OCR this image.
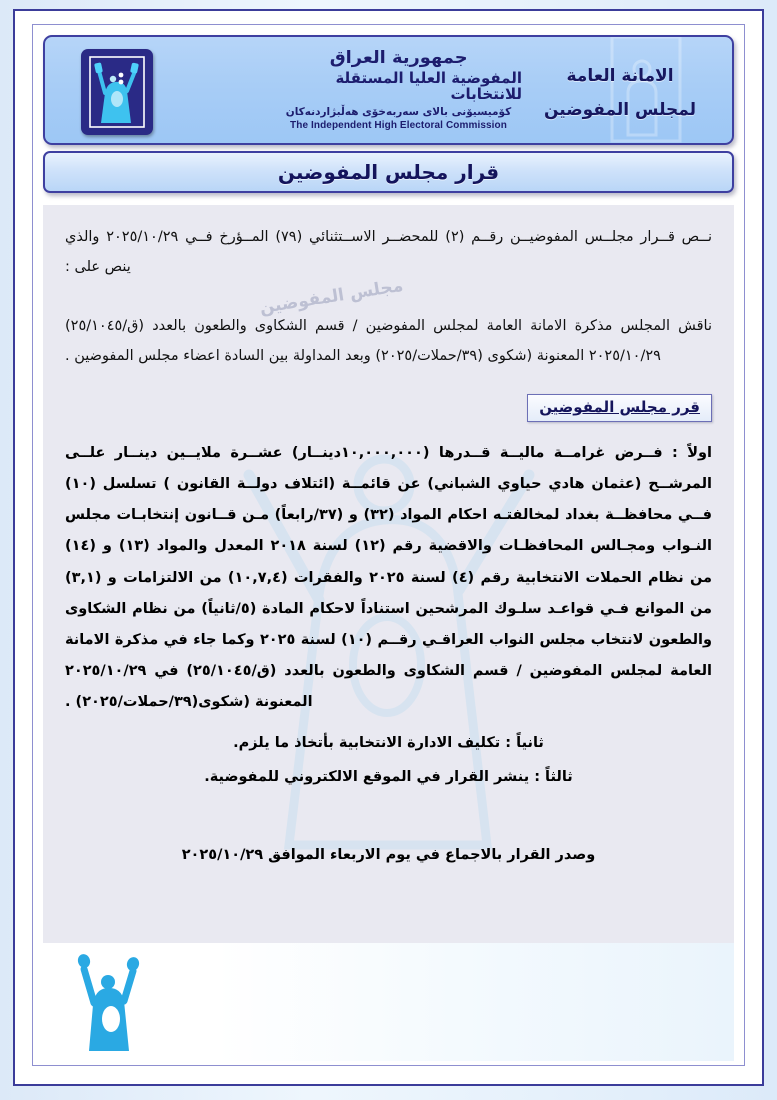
جمهورية العراق
المفوضية العليا المستقلة للانتخابات
كۆمیسیۆنی بالای سەربەخۆی هەڵبژاردنەکان
The Independent High Electoral Commission
الامانة العامة
لمجلس المفوضين
قرار مجلس المفوضين
مجلس المفوضين

نــص قــرار مجلــس المفوضيــن رقــم (٢) للمحضــر الاســتثنائي (٧٩) المــؤرخ فــي ٢٠٢٥/١٠/٢٩ والذي ينص على :

ناقش المجلس مذكرة الامانة العامة لمجلس المفوضين / قسم الشكاوى والطعون بالعدد (ق/٢٥/١٠٤٥) ٢٠٢٥/١٠/٢٩ المعنونة (شكوى (٣٩/حملات/٢٠٢٥) وبعد المداولة بين السادة اعضاء مجلس المفوضين .

قرر مجلس المفوضين

اولاً : فــرض غرامــة ماليــة قــدرها (١٠,٠٠٠,٠٠٠دينــار) عشــرة ملايــين دينــار علــى المرشــح (عثمان هادي حياوي الشباني) عن قائمــة (ائتلاف دولــة القانون ) تسلسل (١٠) فــي محافظــة بغداد لمخالفتـه احكام المواد (٣٢) و (٣٧/رابعاً) مـن قــانون إنتخابـات مجلس النـواب ومجـالس المحافظـات والاقضية رقم (١٢) لسنة ٢٠١٨ المعدل والمواد (١٣) و (١٤) من نظام الحملات الانتخابية رقم (٤) لسنة ٢٠٢٥ والفقرات (١٠,٧,٤) من الالتزامات و (٣,١) من الموانع فـي قواعـد سلـوك المرشحين استناداً لاحكام المادة (٥/ثانياً) من نظام الشكاوى والطعون لانتخاب مجلس النواب العراقـي رقــم (١٠) لسنة ٢٠٢٥ وكما جاء في مذكرة الامانة العامة لمجلس المفوضين / قسم الشكاوى والطعون بالعدد (ق/٢٥/١٠٤٥) في ٢٠٢٥/١٠/٢٩ المعنونة (شكوى(٣٩/حملات/٢٠٢٥) .

ثانياً : تكليف الادارة الانتخابية بأتخاذ ما يلزم.

ثالثاً : ينشر القرار في الموقع الالكتروني للمفوضية.

وصدر القرار بالاجماع في يوم الاربعاء الموافق ٢٠٢٥/١٠/٢٩
